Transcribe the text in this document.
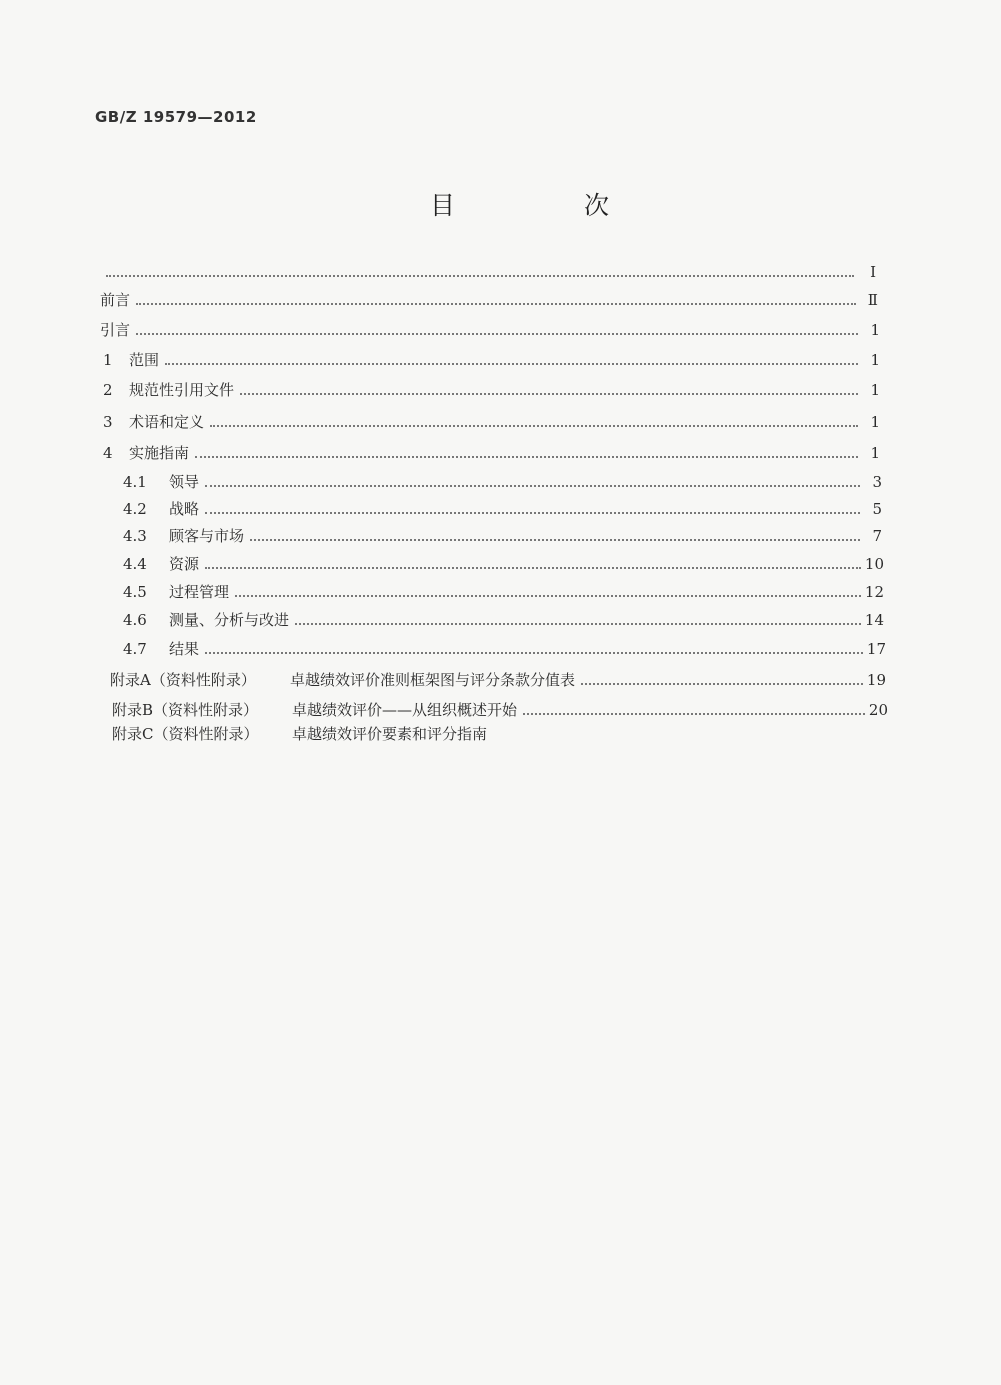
GB/Z 19579—2012
目　次
Ⅰ
前言	Ⅱ
引言	1
1	范围	1
2	规范性引用文件	1
3	术语和定义	1
4	实施指南	1
4.1	领导	3
4.2	战略	5
4.3	顾客与市场	7
4.4	资源	10
4.5	过程管理	12
4.6	测量、分析与改进	14
4.7	结果	17
附录A（资料性附录）	卓越绩效评价准则框架图与评分条款分值表	19
附录B（资料性附录）	卓越绩效评价——从组织概述开始	20
附录C（资料性附录）	卓越绩效评价要素和评分指南
